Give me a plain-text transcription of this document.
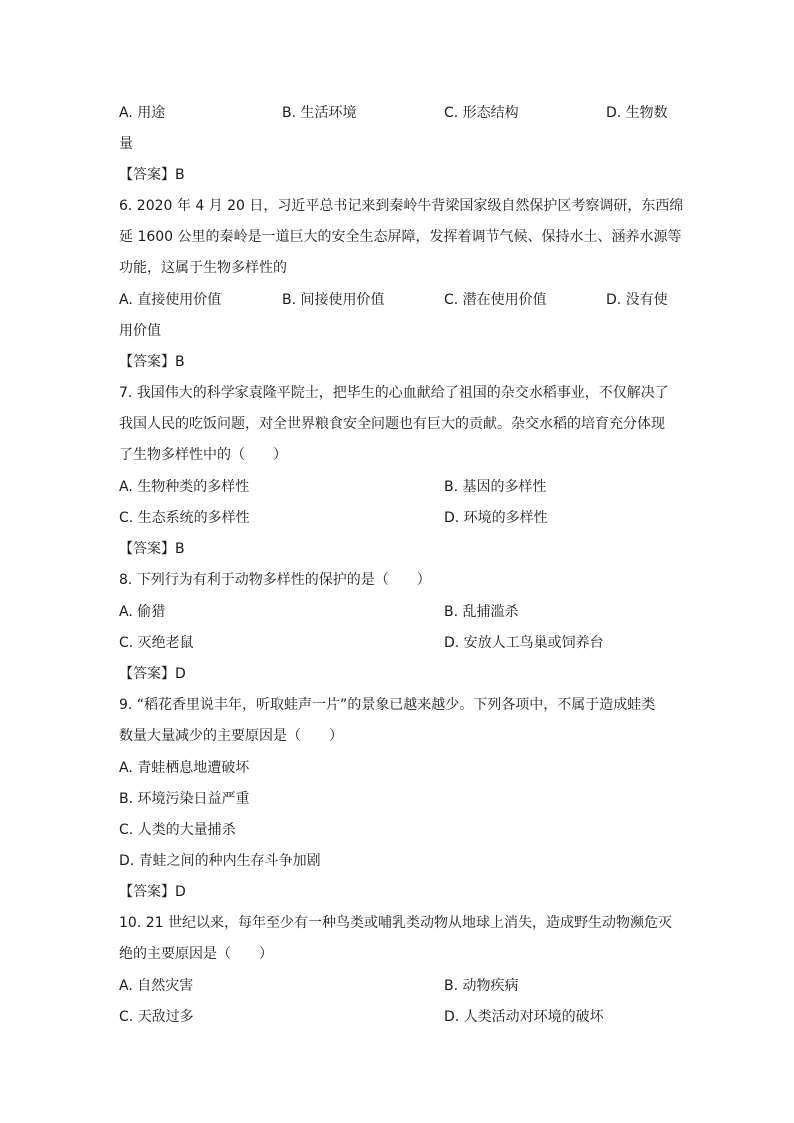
A. 用途	B. 生活环境	C. 形态结构	D. 生物数
量
【答案】B
6. 2020 年 4 月 20 日，习近平总书记来到秦岭牛背梁国家级自然保护区考察调研，东西绵
延 1600 公里的秦岭是一道巨大的安全生态屏障，发挥着调节气候、保持水土、涵养水源等
功能，这属于生物多样性的
A. 直接使用价值	B. 间接使用价值	C. 潜在使用价值	D. 没有使
用价值
【答案】B
7. 我国伟大的科学家袁隆平院士，把毕生的心血献给了祖国的杂交水稻事业，不仅解决了
我国人民的吃饭问题，对全世界粮食安全问题也有巨大的贡献。杂交水稻的培育充分体现
了生物多样性中的（　　）
A. 生物种类的多样性	B. 基因的多样性
C. 生态系统的多样性	D. 环境的多样性
【答案】B
8. 下列行为有利于动物多样性的保护的是（　　）
A. 偷猎	B. 乱捕滥杀
C. 灭绝老鼠	D. 安放人工鸟巢或饲养台
【答案】D
9. “稻花香里说丰年，听取蛙声一片”的景象已越来越少。下列各项中，不属于造成蛙类
数量大量减少的主要原因是（　　）
A. 青蛙栖息地遭破坏
B. 环境污染日益严重
C. 人类的大量捕杀
D. 青蛙之间的种内生存斗争加剧
【答案】D
10. 21 世纪以来，每年至少有一种鸟类或哺乳类动物从地球上消失，造成野生动物濒危灭
绝的主要原因是（　　）
A. 自然灾害	B. 动物疾病
C. 天敌过多	D. 人类活动对环境的破坏
